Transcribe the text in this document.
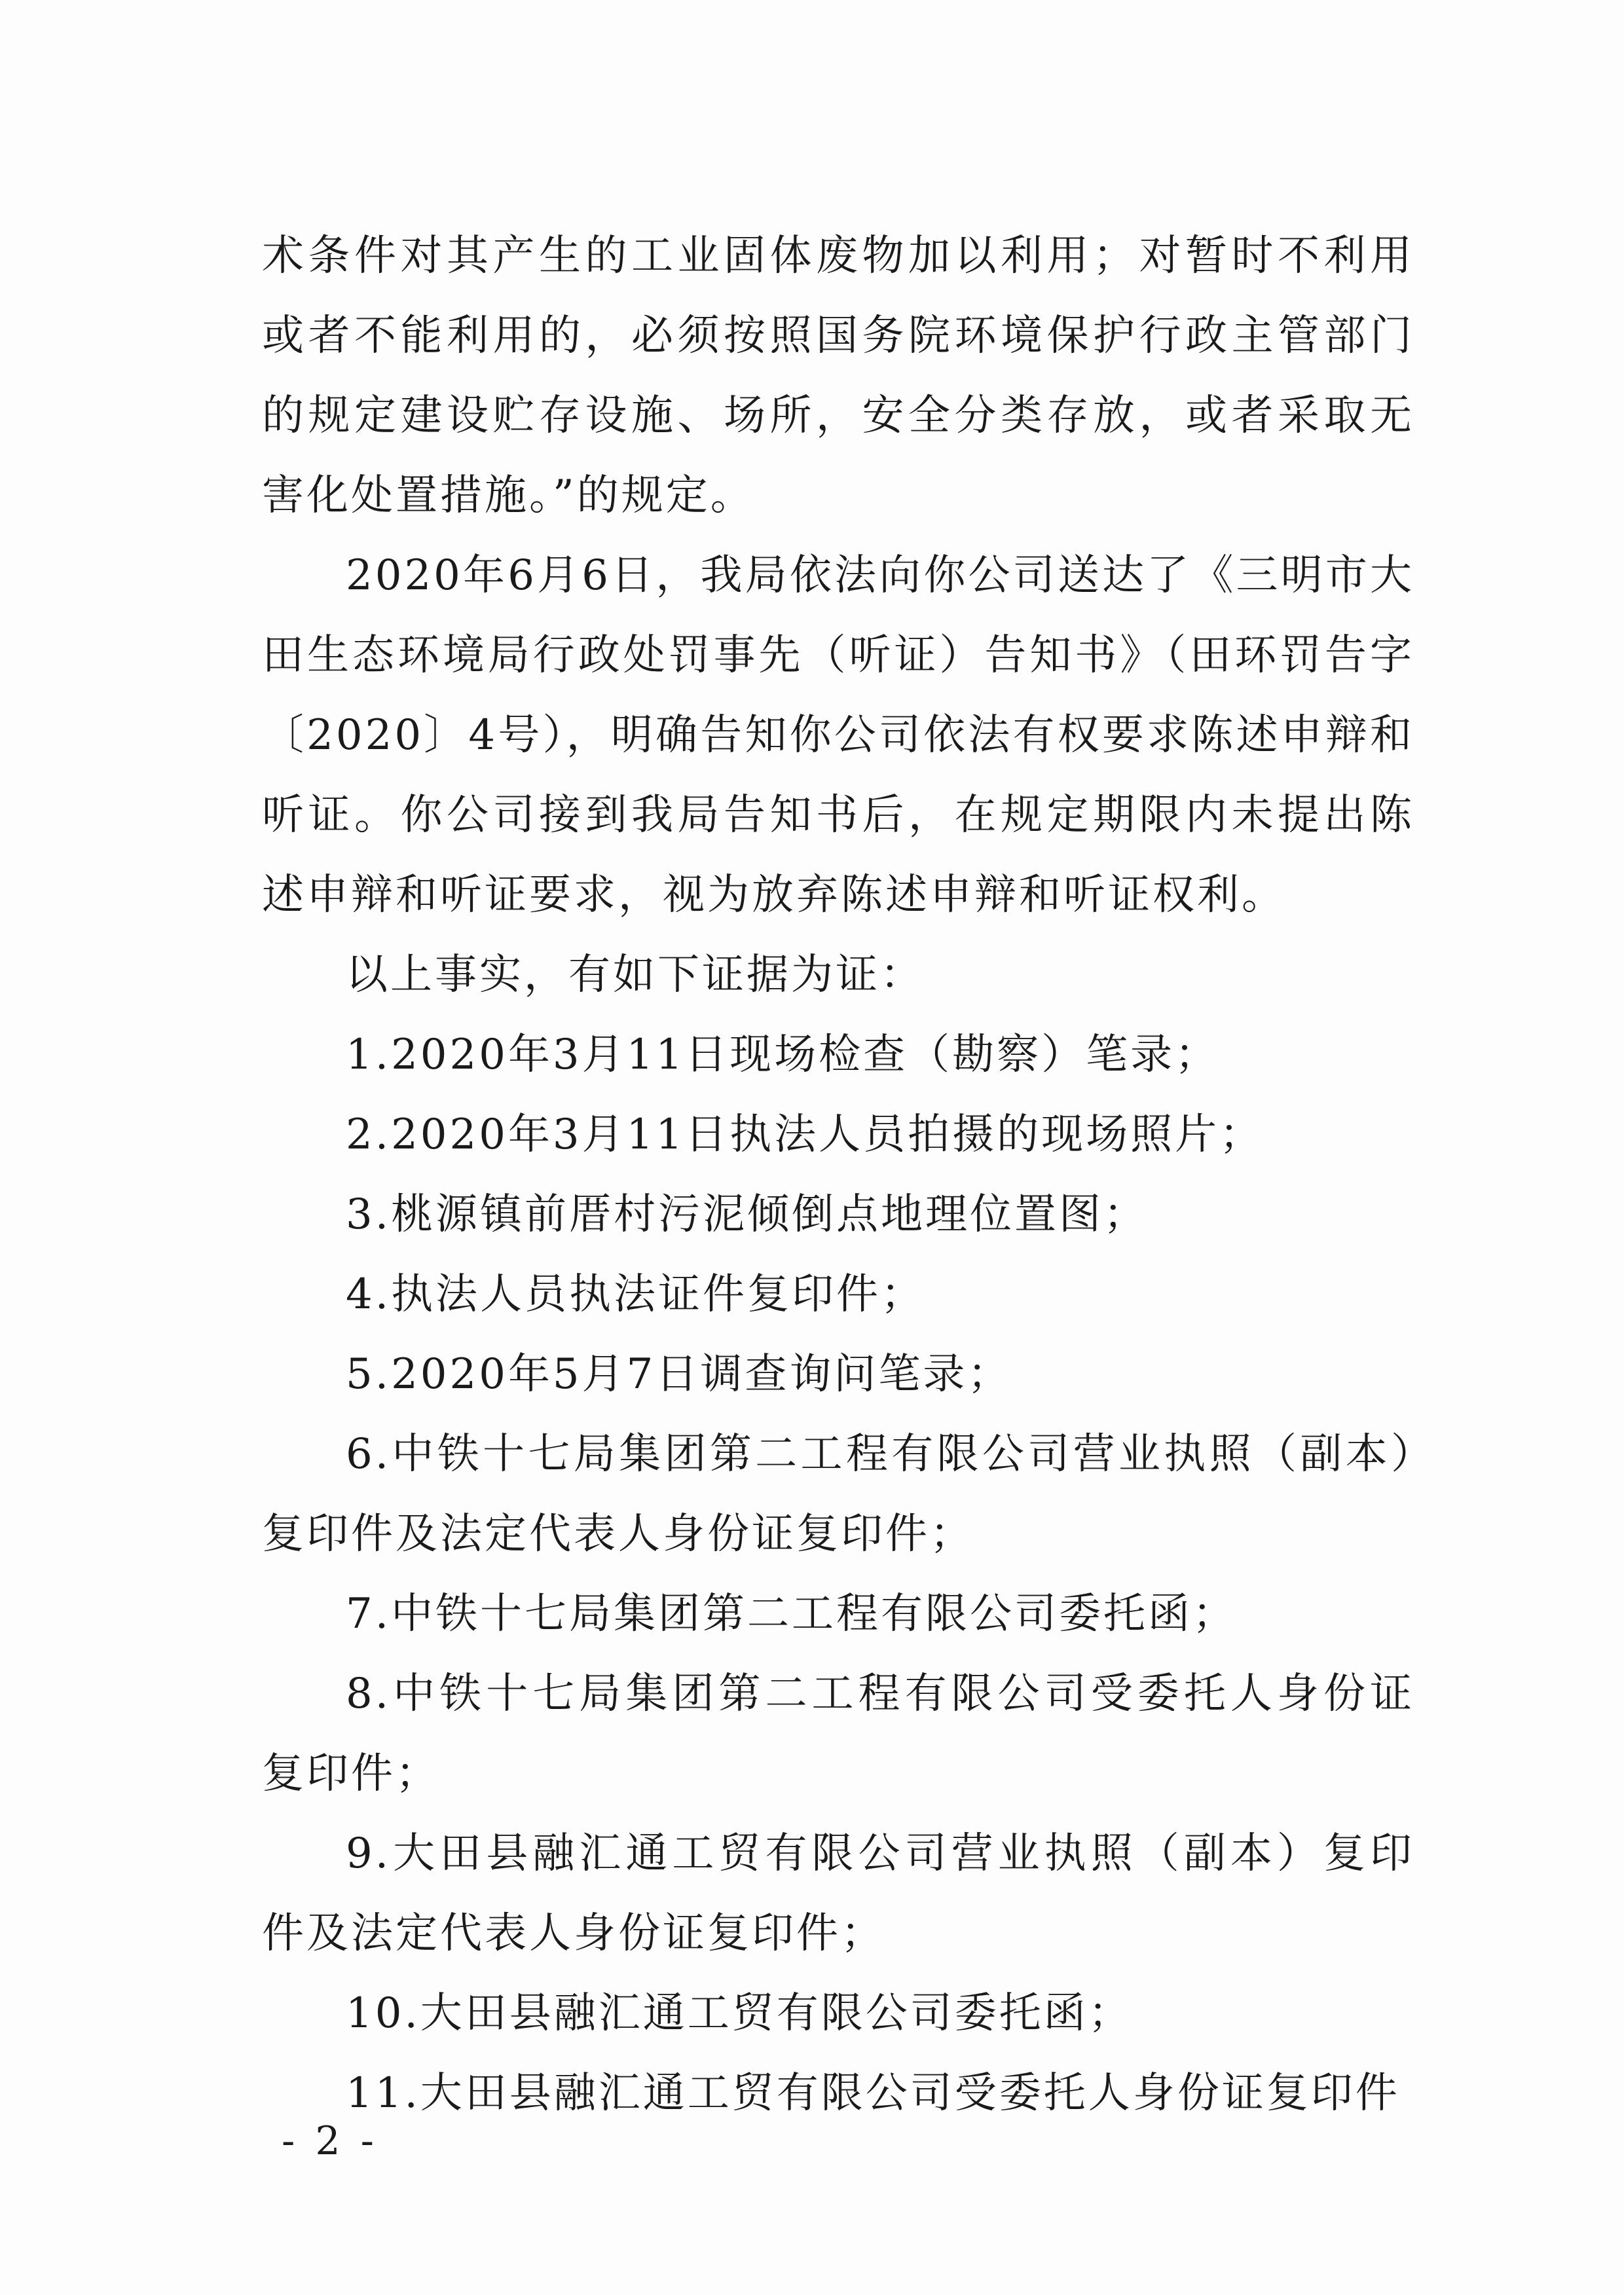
术条件对其产生的工业固体废物加以利用；对暂时不利用或者不能利用的，必须按照国务院环境保护行政主管部门的规定建设贮存设施、场所，安全分类存放，或者采取无害化处置措施。”的规定。

2020年6月6日，我局依法向你公司送达了《三明市大田生态环境局行政处罚事先（听证）告知书》（田环罚告字〔2020〕4号），明确告知你公司依法有权要求陈述申辩和听证。你公司接到我局告知书后，在规定期限内未提出陈述申辩和听证要求，视为放弃陈述申辩和听证权利。

以上事实，有如下证据为证：

1.2020年3月11日现场检查（勘察）笔录；

2.2020年3月11日执法人员拍摄的现场照片；

3.桃源镇前厝村污泥倾倒点地理位置图；

4.执法人员执法证件复印件；

5.2020年5月7日调查询问笔录；

6.中铁十七局集团第二工程有限公司营业执照（副本）复印件及法定代表人身份证复印件；

7.中铁十七局集团第二工程有限公司委托函；

8.中铁十七局集团第二工程有限公司受委托人身份证复印件；

9.大田县融汇通工贸有限公司营业执照（副本）复印件及法定代表人身份证复印件；

10.大田县融汇通工贸有限公司委托函；

11.大田县融汇通工贸有限公司受委托人身份证复印件

- 2 -
